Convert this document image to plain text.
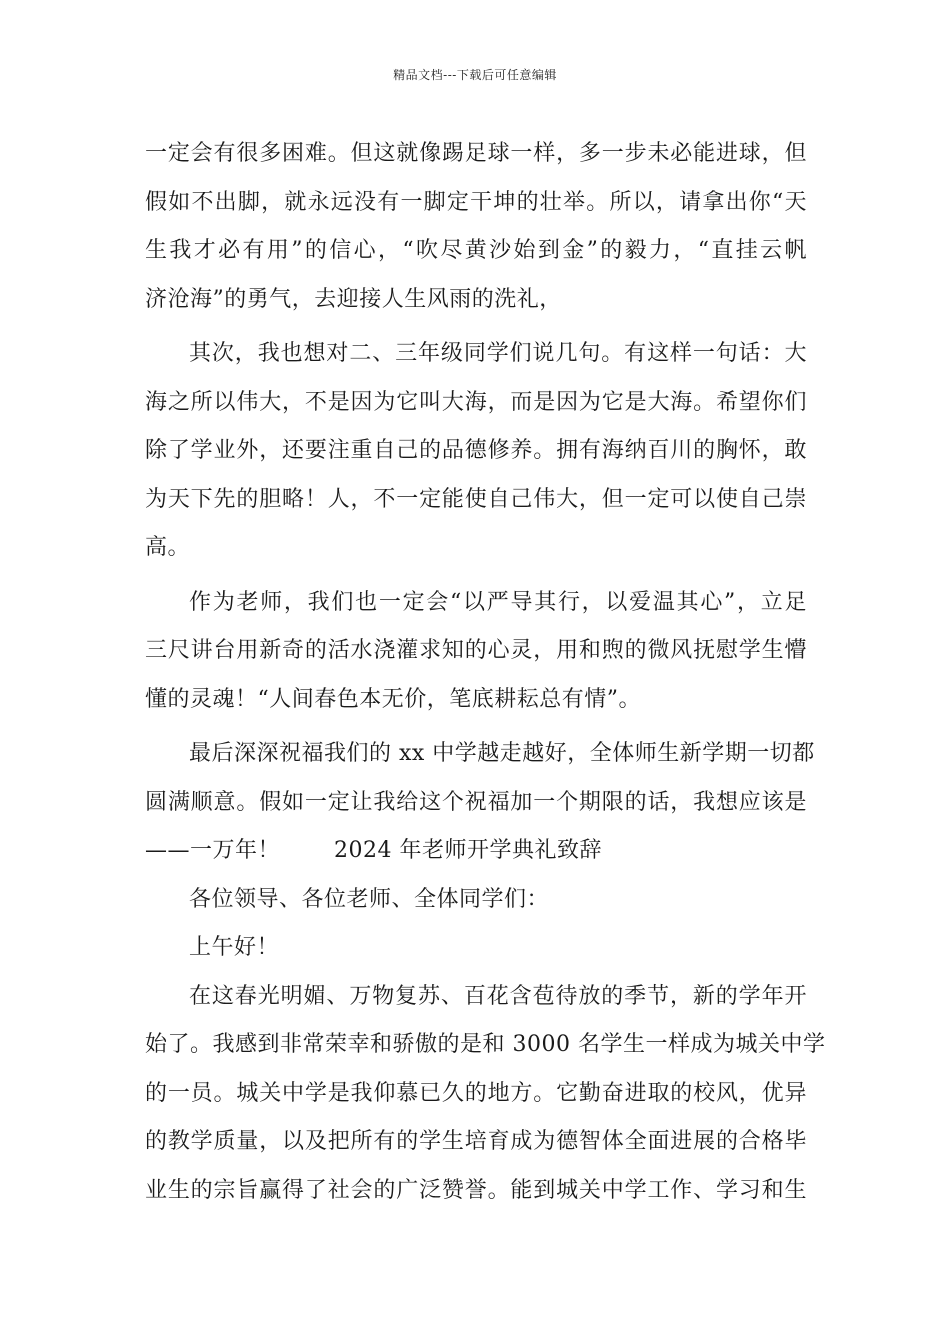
精品文档---下载后可任意编辑
一定会有很多困难。但这就像踢足球一样，多一步未必能进球，但
假如不出脚，就永远没有一脚定干坤的壮举。所以，请拿出你“天
生我才必有用”的信心，“吹尽黄沙始到金”的毅力，“直挂云帆
济沧海”的勇气，去迎接人生风雨的洗礼，
其次，我也想对二、三年级同学们说几句。有这样一句话：大
海之所以伟大，不是因为它叫大海，而是因为它是大海。希望你们
除了学业外，还要注重自己的品德修养。拥有海纳百川的胸怀，敢
为天下先的胆略！人，不一定能使自己伟大，但一定可以使自己崇
高。
作为老师，我们也一定会“以严导其行，以爱温其心”，立足
三尺讲台用新奇的活水浇灌求知的心灵，用和煦的微风抚慰学生懵
懂的灵魂！“人间春色本无价，笔底耕耘总有情”。
最后深深祝福我们的 xx 中学越走越好，全体师生新学期一切都
圆满顺意。假如一定让我给这个祝福加一个期限的话，我想应该是
——一万年！ 2024 年老师开学典礼致辞
各位领导、各位老师、全体同学们：
上午好！
在这春光明媚、万物复苏、百花含苞待放的季节，新的学年开
始了。我感到非常荣幸和骄傲的是和 3000 名学生一样成为城关中学
的一员。城关中学是我仰慕已久的地方。它勤奋进取的校风，优异
的教学质量，以及把所有的学生培育成为德智体全面进展的合格毕
业生的宗旨赢得了社会的广泛赞誉。能到城关中学工作、学习和生
